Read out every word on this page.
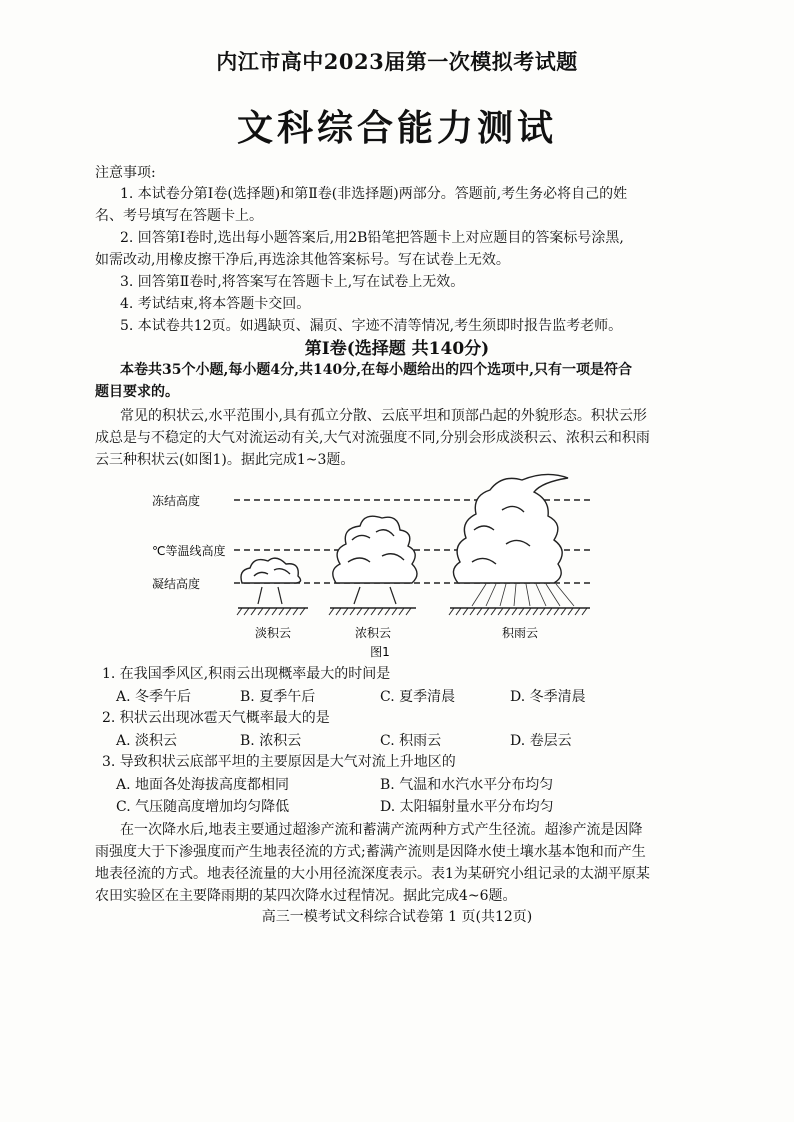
内江市高中2023届第一次模拟考试题
文科综合能力测试
注意事项:
1. 本试卷分第Ⅰ卷(选择题)和第Ⅱ卷(非选择题)两部分。答题前,考生务必将自己的姓
名、考号填写在答题卡上。
2. 回答第Ⅰ卷时,选出每小题答案后,用2B铅笔把答题卡上对应题目的答案标号涂黑,
如需改动,用橡皮擦干净后,再选涂其他答案标号。写在试卷上无效。
3. 回答第Ⅱ卷时,将答案写在答题卡上,写在试卷上无效。
4. 考试结束,将本答题卡交回。
5. 本试卷共12页。如遇缺页、漏页、字迹不清等情况,考生须即时报告监考老师。
第Ⅰ卷(选择题 共140分)
本卷共35个小题,每小题4分,共140分,在每小题给出的四个选项中,只有一项是符合
题目要求的。
常见的积状云,水平范围小,具有孤立分散、云底平坦和顶部凸起的外貌形态。积状云形
成总是与不稳定的大气对流运动有关,大气对流强度不同,分别会形成淡积云、浓积云和积雨
云三种积状云(如图1)。据此完成1~3题。
冻结高度
℃等温线高度
凝结高度
淡积云	浓积云	积雨云
图1
1. 在我国季风区,积雨云出现概率最大的时间是
A. 冬季午后	B. 夏季午后	C. 夏季清晨	D. 冬季清晨
2. 积状云出现冰雹天气概率最大的是
A. 淡积云	B. 浓积云	C. 积雨云	D. 卷层云
3. 导致积状云底部平坦的主要原因是大气对流上升地区的
A. 地面各处海拔高度都相同	B. 气温和水汽水平分布均匀
C. 气压随高度增加均匀降低	D. 太阳辐射量水平分布均匀
在一次降水后,地表主要通过超渗产流和蓄满产流两种方式产生径流。超渗产流是因降
雨强度大于下渗强度而产生地表径流的方式;蓄满产流则是因降水使土壤水基本饱和而产生
地表径流的方式。地表径流量的大小用径流深度表示。表1为某研究小组记录的太湖平原某
农田实验区在主要降雨期的某四次降水过程情况。据此完成4~6题。
高三一模考试文科综合试卷第 1 页(共12页)
